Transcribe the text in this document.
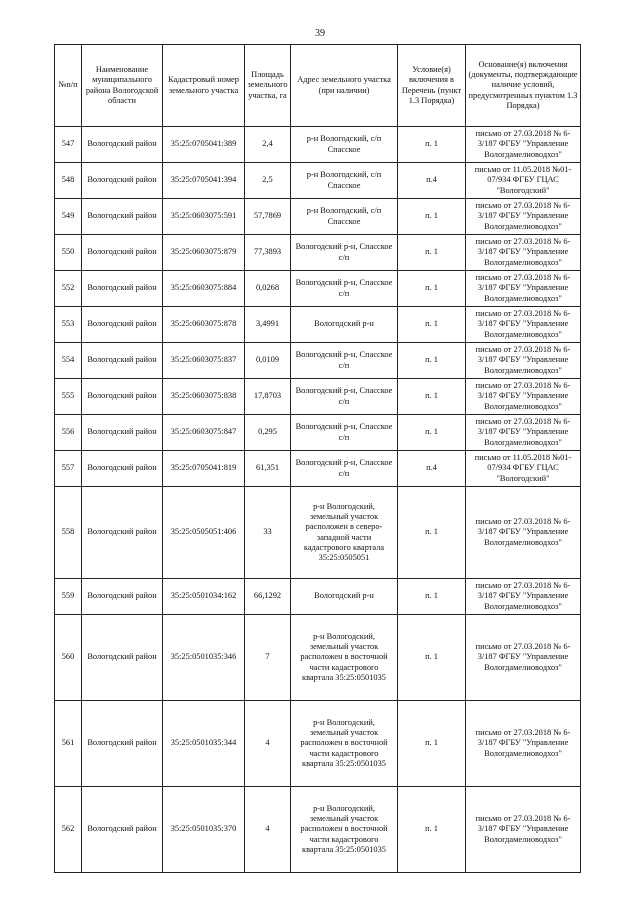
39
№п/п	Наименование муниципального района Вологодской области	Кадастровый номер земельного участка	Площадь земельного участка, га	Адрес земельного участка (при наличии)	Условие(я) включения в Перечень (пункт 1.3 Порядка)	Основание(я) включения (документы, подтверждающие наличие условий, предусмотренных пунктом 1.3 Порядка)
547	Вологодский район	35:25:0705041:389	2,4	р-н Вологодский, с/п Спасское	п. 1	письмо от 27.03.2018 № 6-3/187 ФГБУ "Управление Вологдамелиоводхоз"
548	Вологодский район	35:25:0705041:394	2,5	р-н Вологодский, с/п Спасское	п.4	письмо от 11.05.2018 №01-07/934 ФГБУ ГЦАС "Вологодский"
549	Вологодский район	35:25:0603075:591	57,7869	р-н Вологодский, с/п Спасское	п. 1	письмо от 27.03.2018 № 6-3/187 ФГБУ "Управление Вологдамелиоводхоз"
550	Вологодский район	35:25:0603075:879	77,3893	Вологодский р-н, Спасское с/п	п. 1	письмо от 27.03.2018 № 6-3/187 ФГБУ "Управление Вологдамелиоводхоз"
552	Вологодский район	35:25:0603075:884	0,0268	Вологодский р-н, Спасское с/п	п. 1	письмо от 27.03.2018 № 6-3/187 ФГБУ "Управление Вологдамелиоводхоз"
553	Вологодский район	35:25:0603075:878	3,4991	Вологодский р-н	п. 1	письмо от 27.03.2018 № 6-3/187 ФГБУ "Управление Вологдамелиоводхоз"
554	Вологодский район	35:25:0603075:837	0,0109	Вологодский р-н, Спасское с/п	п. 1	письмо от 27.03.2018 № 6-3/187 ФГБУ "Управление Вологдамелиоводхоз"
555	Вологодский район	35:25:0603075:838	17,8703	Вологодский р-н, Спасское с/п	п. 1	письмо от 27.03.2018 № 6-3/187 ФГБУ "Управление Вологдамелиоводхоз"
556	Вологодский район	35:25:0603075:847	0,295	Вологодский р-н, Спасское с/п	п. 1	письмо от 27.03.2018 № 6-3/187 ФГБУ "Управление Вологдамелиоводхоз"
557	Вологодский район	35:25:0705041:819	61,351	Вологодский р-н, Спасское с/п	п.4	письмо от 11.05.2018 №01-07/934 ФГБУ ГЦАС "Вологодский"
558	Вологодский район	35:25:0505051:406	33	р-н Вологодский, земельный участок расположен в северо-западной части кадастрового квартала 35:25:0505051	п. 1	письмо от 27.03.2018 № 6-3/187 ФГБУ "Управление Вологдамелиоводхоз"
559	Вологодский район	35:25:0501034:162	66,1292	Вологодский р-н	п. 1	письмо от 27.03.2018 № 6-3/187 ФГБУ "Управление Вологдамелиоводхоз"
560	Вологодский район	35:25:0501035:346	7	р-н Вологодский, земельный участок расположен в восточной части кадастрового квартала 35:25:0501035	п. 1	письмо от 27.03.2018 № 6-3/187 ФГБУ "Управление Вологдамелиоводхоз"
561	Вологодский район	35:25:0501035:344	4	р-н Вологодский, земельный участок расположен в восточной части кадастрового квартала 35:25:0501035	п. 1	письмо от 27.03.2018 № 6-3/187 ФГБУ "Управление Вологдамелиоводхоз"
562	Вологодский район	35:25:0501035:370	4	р-н Вологодский, земельный участок расположен в восточной части кадастрового квартала 35:25:0501035	п. 1	письмо от 27.03.2018 № 6-3/187 ФГБУ "Управление Вологдамелиоводхоз"
